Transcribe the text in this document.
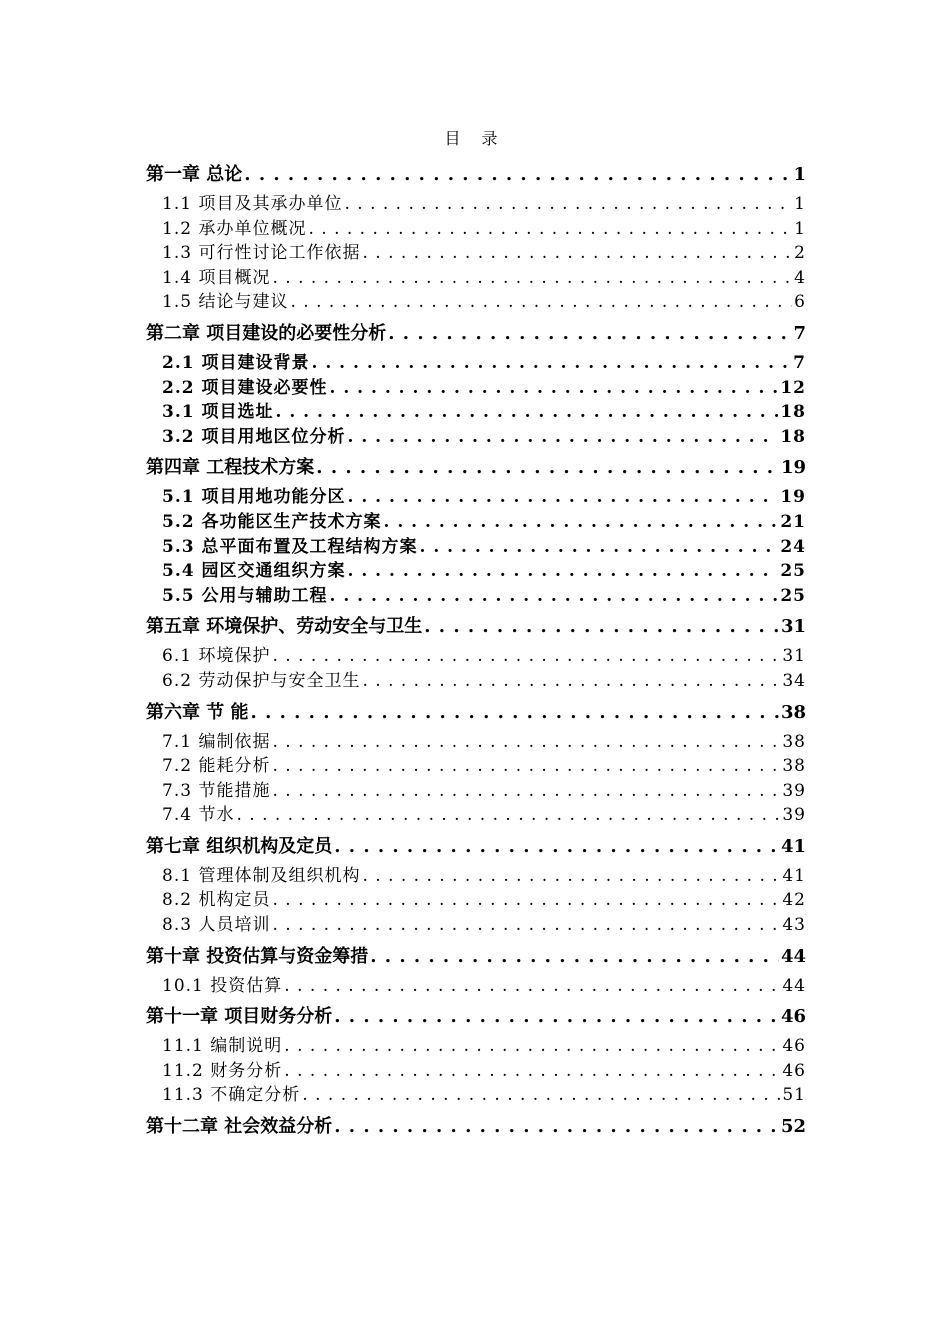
目 录
第一章 总论 . . .	1
1.1 项目及其承办单位 . . .	1
1.2 承办单位概况 . . .	1
1.3 可行性讨论工作依据 . . .	2
1.4 项目概况 . . .	4
1.5 结论与建议 . . .	6
第二章 项目建设的必要性分析 . . .	7
2.1 项目建设背景 . . .	7
2.2 项目建设必要性 . . .	12
3.1 项目选址 . . .	18
3.2 项目用地区位分析 . . .	18
第四章 工程技术方案 . . .	19
5.1 项目用地功能分区 . . .	19
5.2 各功能区生产技术方案 . . .	21
5.3 总平面布置及工程结构方案 . . .	24
5.4 园区交通组织方案 . . .	25
5.5 公用与辅助工程 . . .	25
第五章 环境保护、劳动安全与卫生 . . .	31
6.1 环境保护 . . .	31
6.2 劳动保护与安全卫生 . . .	34
第六章 节 能 . . .	38
7.1 编制依据 . . .	38
7.2 能耗分析 . . .	38
7.3 节能措施 . . .	39
7.4 节水 . . .	39
第七章 组织机构及定员 . . .	41
8.1 管理体制及组织机构 . . .	41
8.2 机构定员 . . .	42
8.3 人员培训 . . .	43
第十章 投资估算与资金筹措 . . .	44
10.1 投资估算 . . .	44
第十一章 项目财务分析 . . .	46
11.1 编制说明 . . .	46
11.2 财务分析 . . .	46
11.3 不确定分析 . . .	51
第十二章 社会效益分析 . . .	52
